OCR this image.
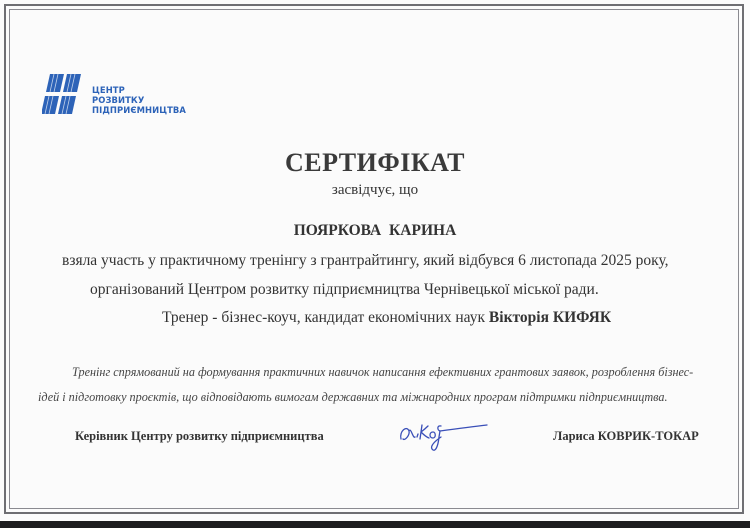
ЦЕНТР
РОЗВИТКУ
ПІДПРИЄМНИЦТВА
СЕРТИФІКАТ
засвідчує, що
ПОЯРКОВА КАРИНА
взяла участь у практичному тренінгу з грантрайтингу, який відбувся 6 листопада 2025 року,
організований Центром розвитку підприємництва Чернівецької міської ради.
Тренер - бізнес-коуч, кандидат економічних наук Вікторія КИФЯК
Тренінг спрямований на формування практичних навичок написання ефективних грантових заявок, розроблення бізнес-
ідей і підготовку проєктів, що відповідають вимогам державних та міжнародних програм підтримки підприємництва.
Керівник Центру розвитку підприємництва	Лариса КОВРИК-ТОКАР
